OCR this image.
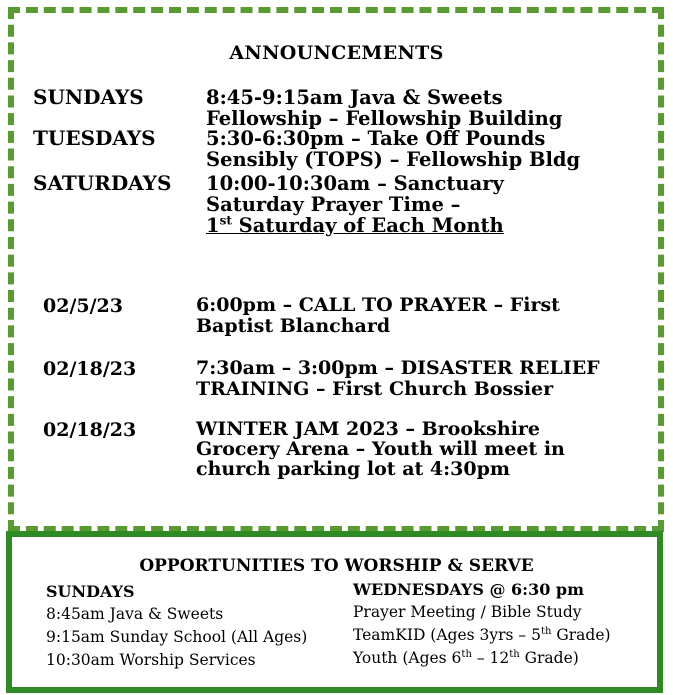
ANNOUNCEMENTS
SUNDAYS	8:45-9:15am Java & Sweets
Fellowship – Fellowship Building
TUESDAYS	5:30-6:30pm – Take Off Pounds
Sensibly (TOPS) – Fellowship Bldg
SATURDAYS 10:00-10:30am – Sanctuary
Saturday Prayer Time –
1st Saturday of Each Month
02/5/23	6:00pm – CALL TO PRAYER – First
Baptist Blanchard
02/18/23	7:30am – 3:00pm – DISASTER RELIEF
TRAINING – First Church Bossier
02/18/23	WINTER JAM 2023 – Brookshire
Grocery Arena – Youth will meet in
church parking lot at 4:30pm
OPPORTUNITIES TO WORSHIP & SERVE
SUNDAYS
8:45am Java & Sweets
9:15am Sunday School (All Ages)
10:30am Worship Services
WEDNESDAYS @ 6:30 pm
Prayer Meeting / Bible Study
TeamKID (Ages 3yrs – 5th Grade)
Youth (Ages 6th – 12th Grade)
